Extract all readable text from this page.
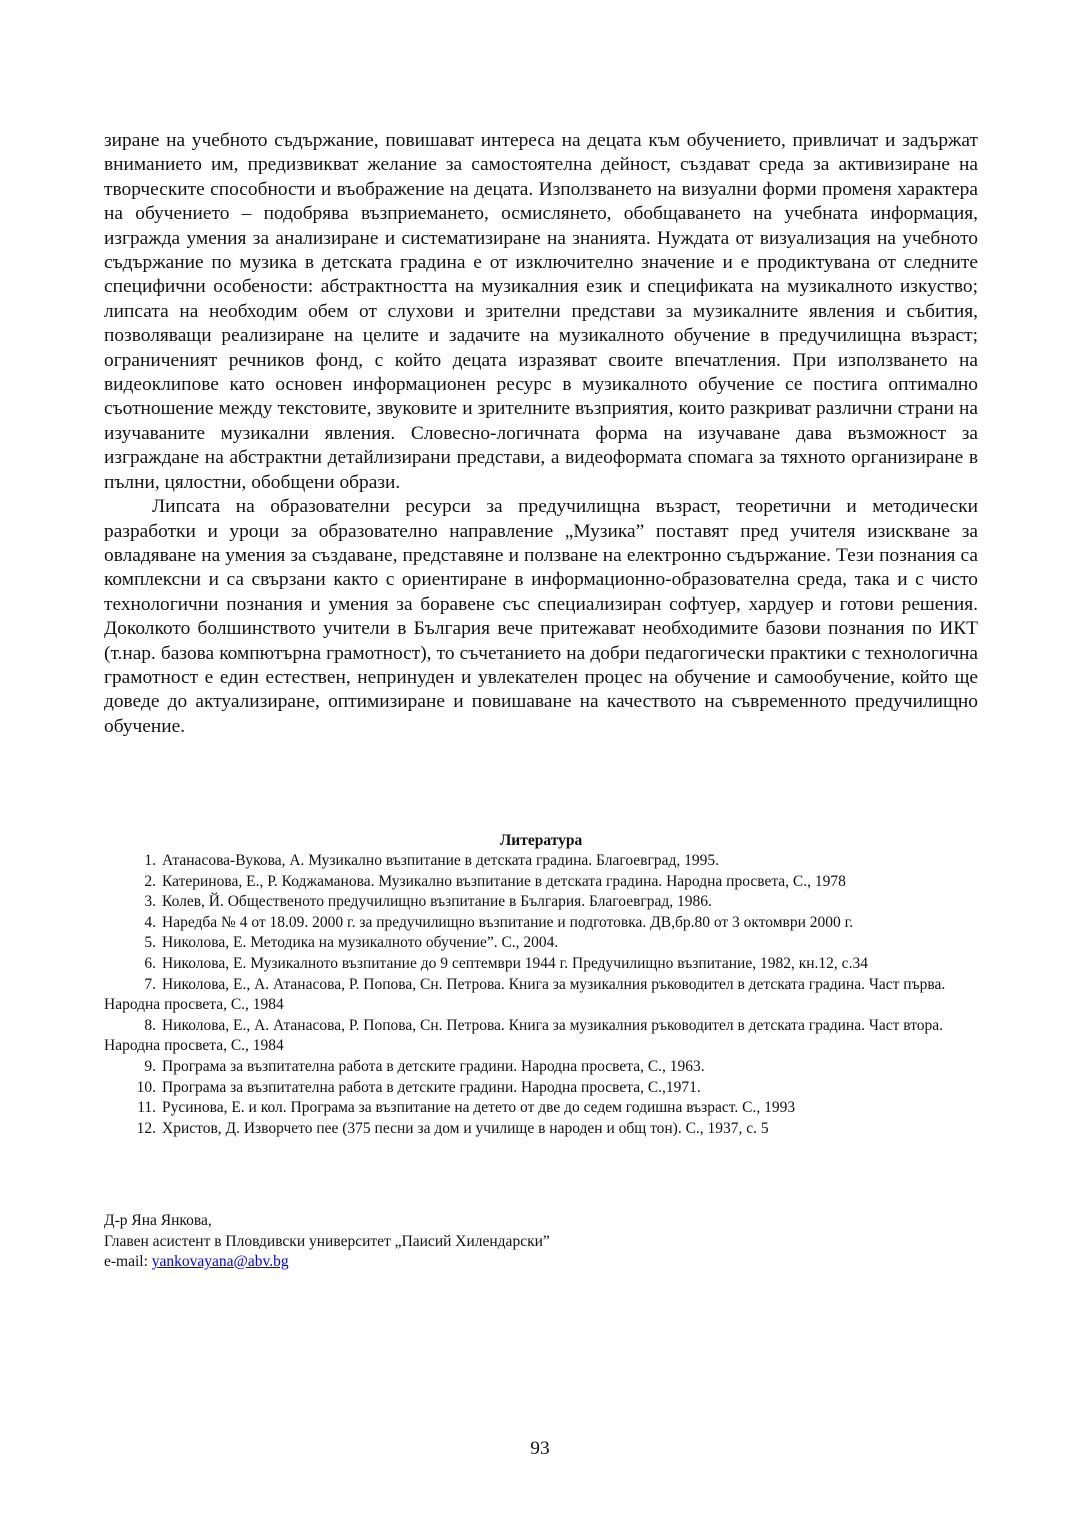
зиране на учебното съдържание, повишават интереса на децата към обучението, привличат и задържат вниманието им, предизвикват желание за самостоятелна дейност, създават среда за активизиране на творческите способности и въображение на децата. Използването на визуални форми променя характера на обучението – подобрява възприемането, осмислянето, обобщаването на учебната информация, изгражда умения за анализиране и систематизиране на знанията. Нуждата от визуализация на учебното съдържание по музика в детската градина е от изключително значение и е продиктувана от следните специфични особености: абстрактността на музикалния език и спецификата на музикалното изкуство; липсата на необходим обем от слухови и зрителни представи за музикалните явления и събития, позволяващи реализиране на целите и задачите на музикалното обучение в предучилищна възраст; ограниченият речников фонд, с който децата изразяват своите впечатления. При използването на видеоклипове като основен информационен ресурс в музикалното обучение се постига оптимално съотношение между текстовите, звуковите и зрителните възприятия, които разкриват различни страни на изучаваните музикални явления. Словесно-логичната форма на изучаване дава възможност за изграждане на абстрактни детайлизирани представи, а видеоформата спомага за тяхното организиране в пълни, цялостни, обобщени образи.

Липсата на образователни ресурси за предучилищна възраст, теоретични и методически разработки и уроци за образователно направление „Музика” поставят пред учителя изискване за овладяване на умения за създаване, представяне и ползване на електронно съдържание. Тези познания са комплексни и са свързани както с ориентиране в информационно-образователна среда, така и с чисто технологични познания и умения за боравене със специализиран софтуер, хардуер и готови решения. Доколкото болшинството учители в България вече притежават необходимите базови познания по ИКТ (т.нар. базова компютърна грамотност), то съчетанието на добри педагогически практики с технологична грамотност е един естествен, непринуден и увлекателен процес на обучение и самообучение, който ще доведе до актуализиране, оптимизиране и повишаване на качеството на съвременното предучилищно обучение.

Литература
1. Атанасова-Вукова, А. Музикално възпитание в детската градина. Благоевград, 1995.
2. Катеринова, Е., Р. Коджаманова. Музикално възпитание в детската градина. Народна просвета, С., 1978
3. Колев, Й. Общественото предучилищно възпитание в България. Благоевград, 1986.
4. Наредба № 4 от 18.09. 2000 г. за предучилищно възпитание и подготовка. ДВ,бр.80 от 3 октомври 2000 г.
5. Николова, Е. Методика на музикалното обучение”. С., 2004.
6. Николова, Е. Музикалното възпитание до 9 септември 1944 г. Предучилищно възпитание, 1982, кн.12, с.34
7. Николова, Е., А. Атанасова, Р. Попова, Сн. Петрова. Книга за музикалния ръководител в детската градина. Част първа. Народна просвета, С., 1984
8. Николова, Е., А. Атанасова, Р. Попова, Сн. Петрова. Книга за музикалния ръководител в детската градина. Част втора. Народна просвета, С., 1984
9. Програма за възпитателна работа в детските градини. Народна просвета, С., 1963.
10. Програма за възпитателна работа в детските градини. Народна просвета, С.,1971.
11. Русинова, Е. и кол. Програма за възпитание на детето от две до седем годишна възраст. С., 1993
12. Христов, Д. Изворчето пее (375 песни за дом и училище в народен и общ тон). С., 1937, с. 5
Д-р Яна Янкова,
Главен асистент в Пловдивски университет „Паисий Хилендарски”
e-mail: yankovayana@abv.bg
93
